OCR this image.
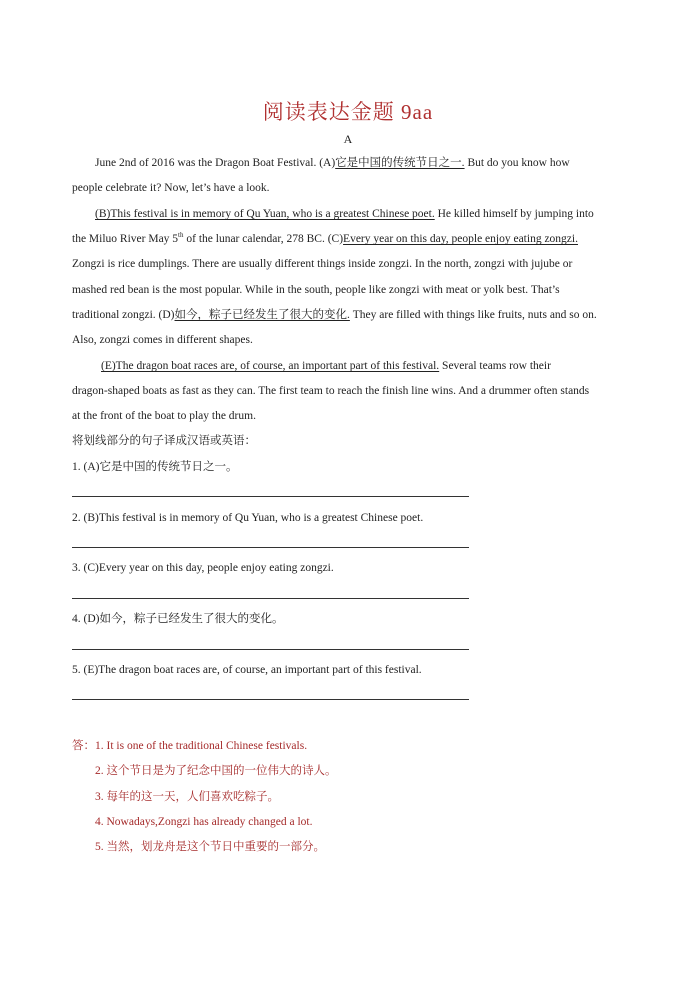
阅读表达金题 9aa
A
June 2nd of 2016 was the Dragon Boat Festival. (A)它是中国的传统节日之一. But do you know how
people celebrate it? Now, let’s have a look.
(B)This festival is in memory of Qu Yuan, who is a greatest Chinese poet. He killed himself by jumping into
the Miluo River May 5th of the lunar calendar, 278 BC. (C)Every year on this day, people enjoy eating zongzi.
Zongzi is rice dumplings. There are usually different things inside zongzi. In the north, zongzi with jujube or
mashed red bean is the most popular. While in the south, people like zongzi with meat or yolk best. That’s
traditional zongzi. (D)如今，粽子已经发生了很大的变化. They are filled with things like fruits, nuts and so on.
Also, zongzi comes in different shapes.
(E)The dragon boat races are, of course, an important part of this festival. Several teams row their
dragon-shaped boats as fast as they can. The first team to reach the finish line wins. And a drummer often stands
at the front of the boat to play the drum.
将划线部分的句子译成汉语或英语：
1. (A)它是中国的传统节日之一。
2. (B)This festival is in memory of Qu Yuan, who is a greatest Chinese poet.
3. (C)Every year on this day, people enjoy eating zongzi.
4. (D)如今，粽子已经发生了很大的变化。
5. (E)The dragon boat races are, of course, an important part of this festival.
答：1. It is one of the traditional Chinese festivals.
2. 这个节日是为了纪念中国的一位伟大的诗人。
3. 每年的这一天，人们喜欢吃粽子。
4. Nowadays,Zongzi has already changed a lot.
5. 当然，划龙舟是这个节日中重要的一部分。
